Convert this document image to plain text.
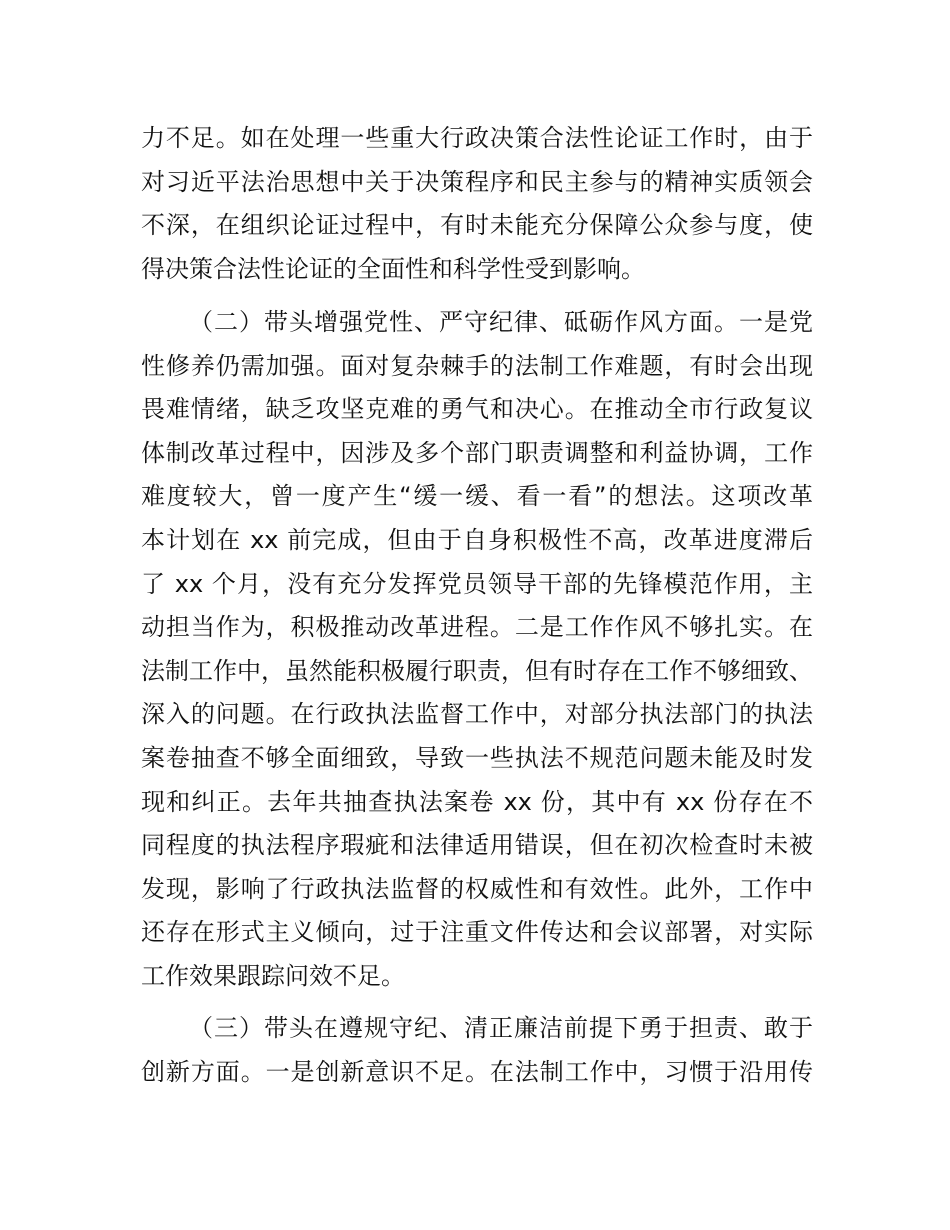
力不足。如在处理一些重大行政决策合法性论证工作时，由于
对习近平法治思想中关于决策程序和民主参与的精神实质领会
不深，在组织论证过程中，有时未能充分保障公众参与度，使
得决策合法性论证的全面性和科学性受到影响。
（二）带头增强党性、严守纪律、砥砺作风方面。一是党
性修养仍需加强。面对复杂棘手的法制工作难题，有时会出现
畏难情绪，缺乏攻坚克难的勇气和决心。在推动全市行政复议
体制改革过程中，因涉及多个部门职责调整和利益协调，工作
难度较大，曾一度产生“缓一缓、看一看”的想法。这项改革
本计划在 xx 前完成，但由于自身积极性不高，改革进度滞后
了 xx 个月，没有充分发挥党员领导干部的先锋模范作用，主
动担当作为，积极推动改革进程。二是工作作风不够扎实。在
法制工作中，虽然能积极履行职责，但有时存在工作不够细致、
深入的问题。在行政执法监督工作中，对部分执法部门的执法
案卷抽查不够全面细致，导致一些执法不规范问题未能及时发
现和纠正。去年共抽查执法案卷 xx 份，其中有 xx 份存在不
同程度的执法程序瑕疵和法律适用错误，但在初次检查时未被
发现，影响了行政执法监督的权威性和有效性。此外，工作中
还存在形式主义倾向，过于注重文件传达和会议部署，对实际
工作效果跟踪问效不足。
（三）带头在遵规守纪、清正廉洁前提下勇于担责、敢于
创新方面。一是创新意识不足。在法制工作中，习惯于沿用传
